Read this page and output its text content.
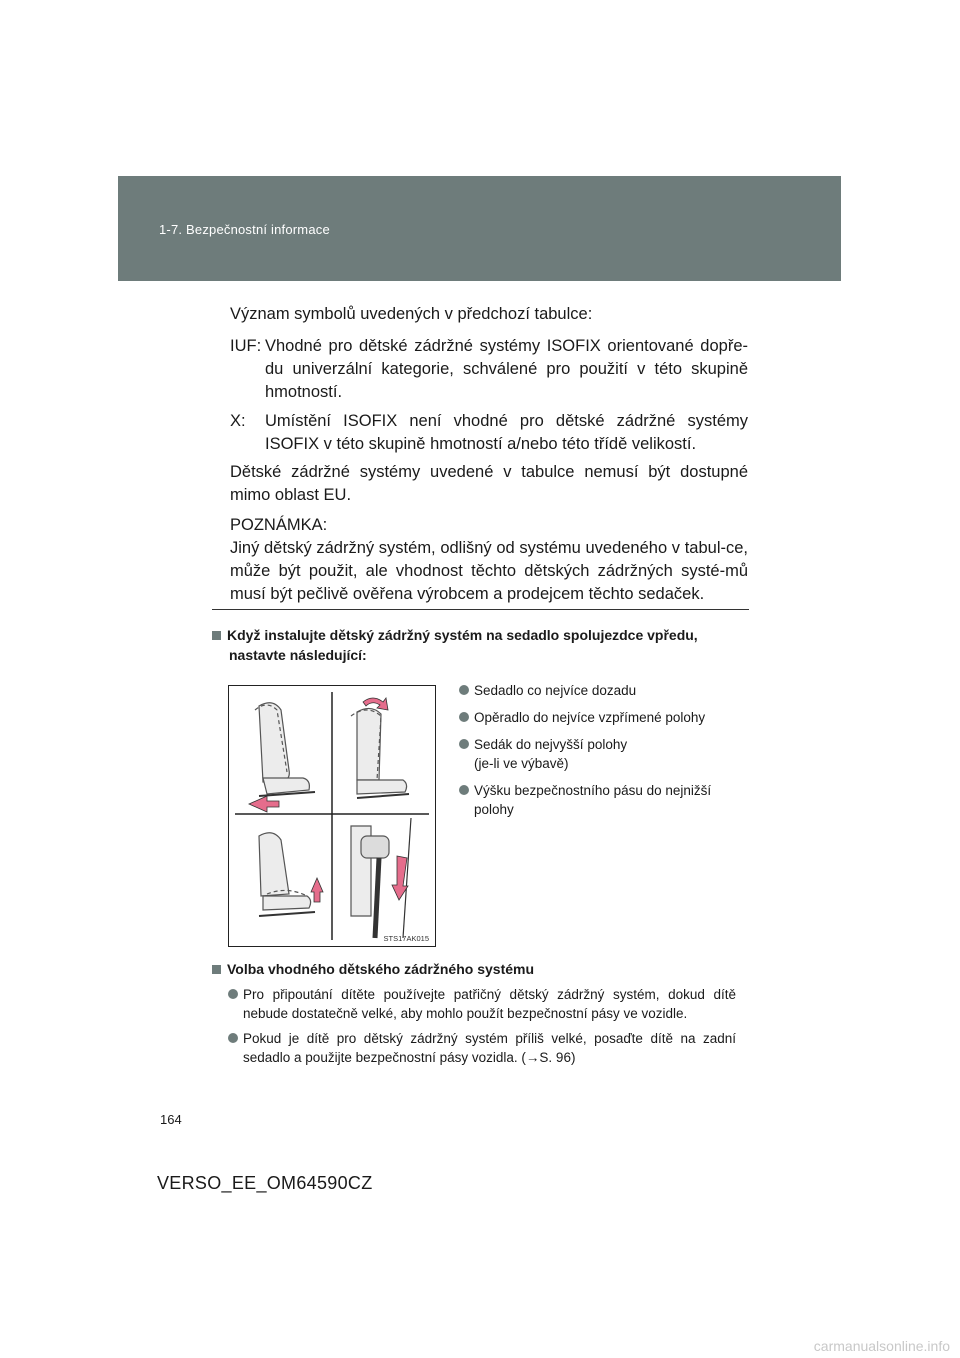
1-7. Bezpečnostní informace
Význam symbolů uvedených v předchozí tabulce:
IUF: Vhodné pro dětské zádržné systémy ISOFIX orientované dopře-du univerzální kategorie, schválené pro použití v této skupině hmotností.
X: Umístění ISOFIX není vhodné pro dětské zádržné systémy ISOFIX v této skupině hmotností a/nebo této třídě velikostí.
Dětské zádržné systémy uvedené v tabulce nemusí být dostupné mimo oblast EU.
POZNÁMKA:
Jiný dětský zádržný systém, odlišný od systému uvedeného v tabul-ce, může být použit, ale vhodnost těchto dětských zádržných systé-mů musí být pečlivě ověřena výrobcem a prodejcem těchto sedaček.
Když instalujte dětský zádržný systém na sedadlo spolujezdce vpředu,
nastavte následující:
STS17AK015
Sedadlo co nejvíce dozadu
Opěradlo do nejvíce vzpřímené polohy
Sedák do nejvyšší polohy
(je-li ve výbavě)
Výšku bezpečnostního pásu do nejnižší
polohy
Volba vhodného dětského zádržného systému
Pro připoutání dítěte používejte patřičný dětský zádržný systém, dokud dítě nebude dostatečně velké, aby mohlo použít bezpečnostní pásy ve vozidle.
Pokud je dítě pro dětský zádržný systém příliš velké, posaďte dítě na zadní sedadlo a použijte bezpečnostní pásy vozidla. (→S. 96)
164
VERSO_EE_OM64590CZ
carmanualsonline.info
